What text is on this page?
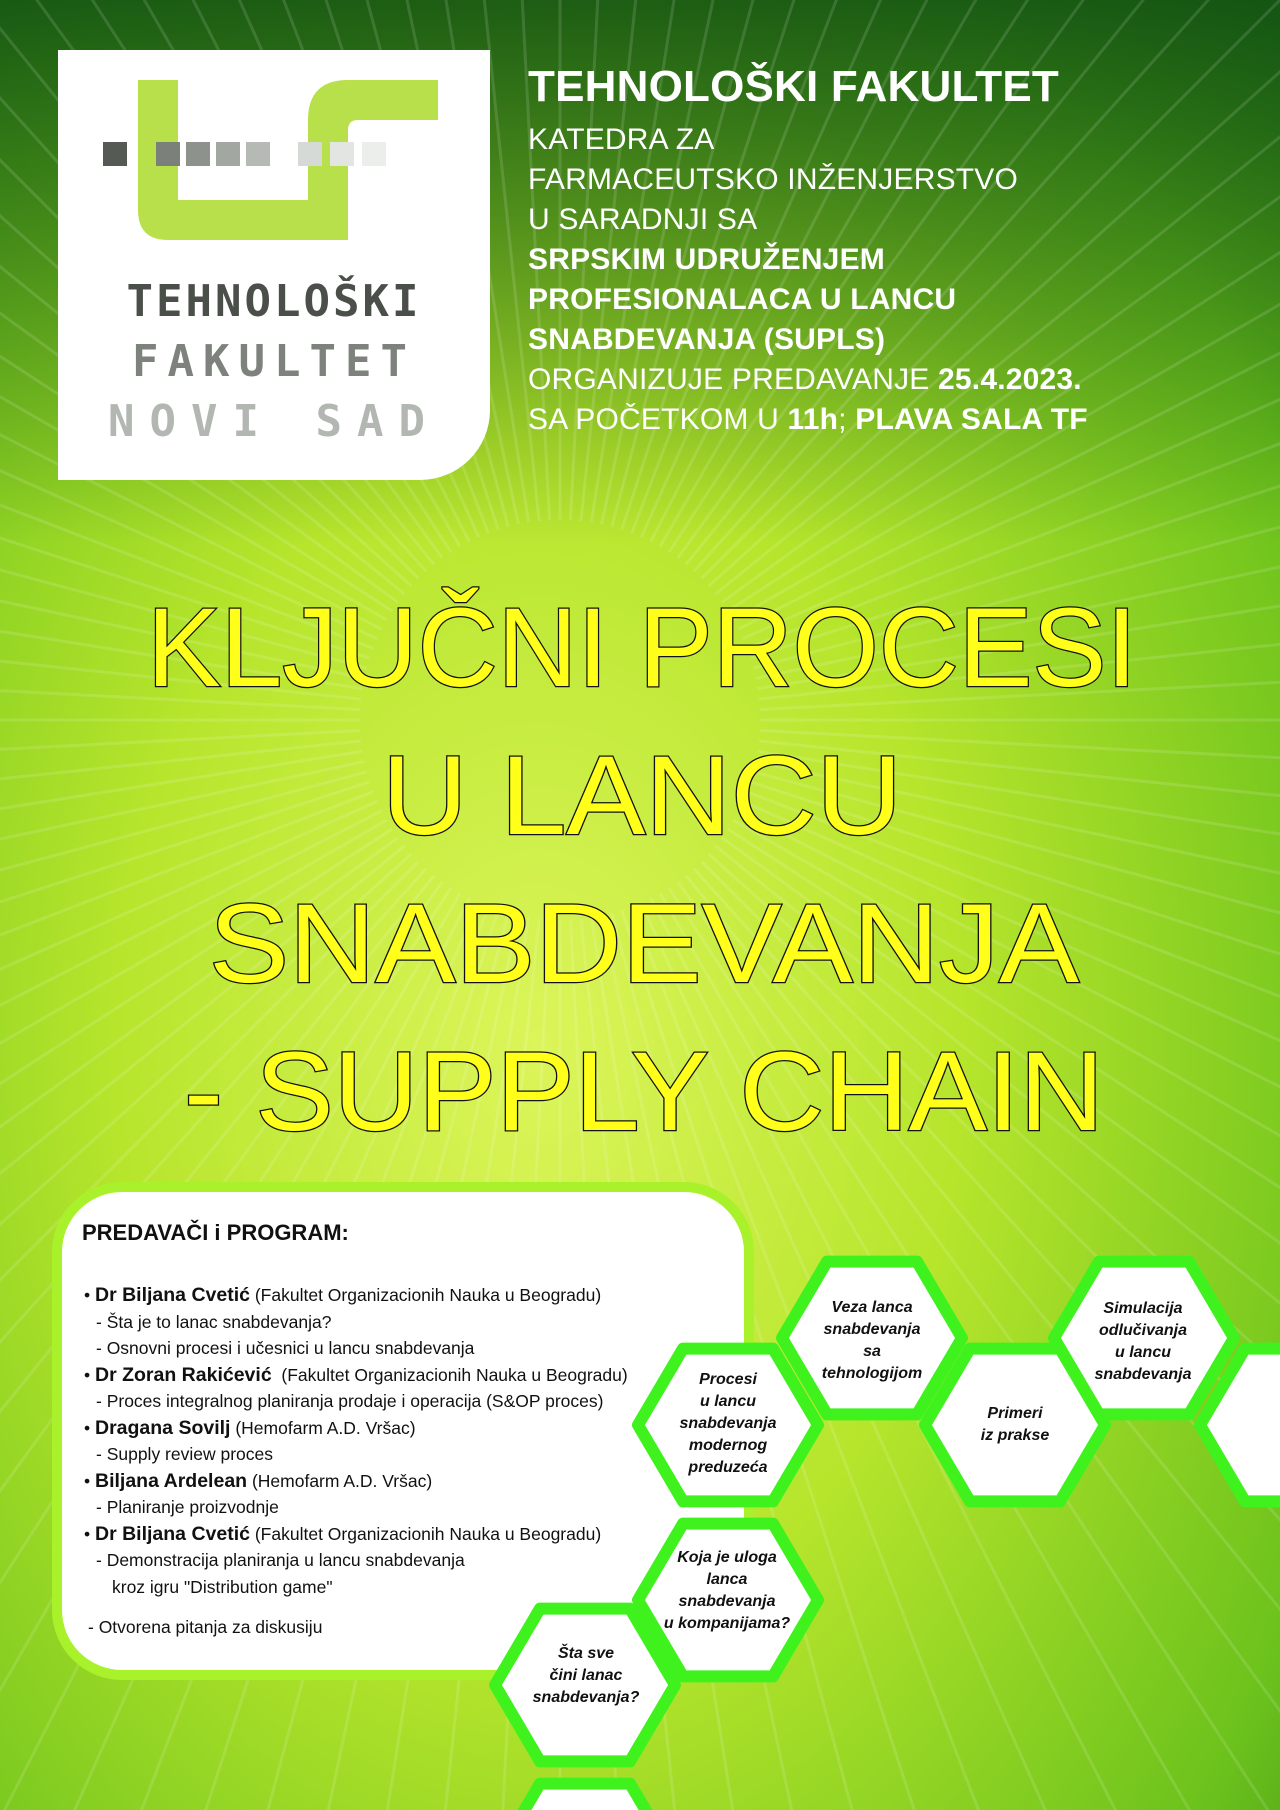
TEHNOLOŠKI
FAKULTET
NOVI SAD
TEHNOLOŠKI FAKULTET
KATEDRA ZA
FARMACEUTSKO INŽENJERSTVO
U SARADNJI SA
SRPSKIM UDRUŽENJEM
PROFESIONALACA U LANCU
SNABDEVANJA (SUPLS)
ORGANIZUJE PREDAVANJE 25.4.2023.
SA POČETKOM U 11h; PLAVA SALA TF
KLJUČNI PROCESI
U LANCU
SNABDEVANJA
- SUPPLY CHAIN
PREDAVAČI i PROGRAM:
• Dr Biljana Cvetić (Fakultet Organizacionih Nauka u Beogradu)
- Šta je to lanac snabdevanja?
- Osnovni procesi i učesnici u lancu snabdevanja
• Dr Zoran Rakićević (Fakultet Organizacionih Nauka u Beogradu)
- Proces integralnog planiranja prodaje i operacija (S&OP proces)
• Dragana Sovilj (Hemofarm A.D. Vršac)
- Supply review proces
• Biljana Ardelean (Hemofarm A.D. Vršac)
- Planiranje proizvodnje
• Dr Biljana Cvetić (Fakultet Organizacionih Nauka u Beogradu)
- Demonstracija planiranja u lancu snabdevanja
kroz igru "Distribution game"
- Otvorena pitanja za diskusiju
Veza lanca
snabdevanja
sa
tehnologijom
Simulacija
odlučivanja
u lancu
snabdevanja
Procesi
u lancu
snabdevanja
modernog
preduzeća
Primeri
iz prakse
Koja je uloga
lanca
snabdevanja
u kompanijama?
Šta sve
čini lanac
snabdevanja?
